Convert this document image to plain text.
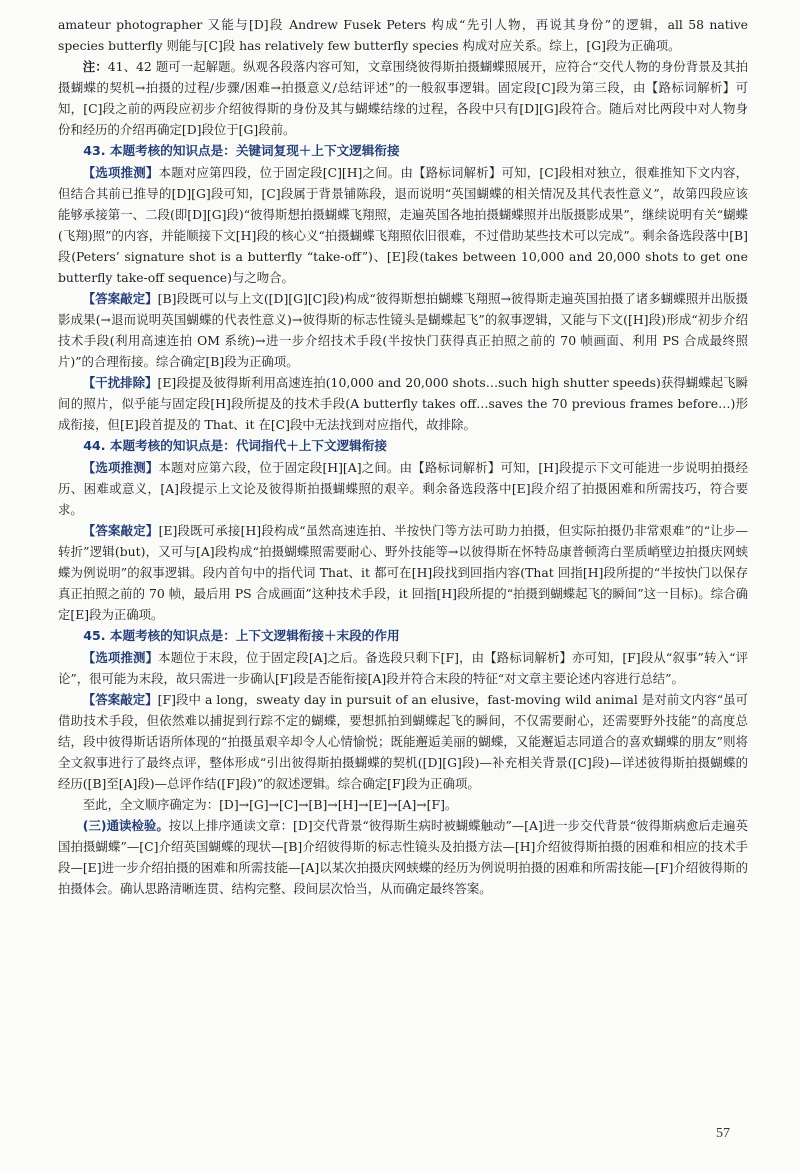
amateur photographer 又能与[D]段 Andrew Fusek Peters 构成“先引人物，再说其身份”的逻辑，all 58 native species butterfly 则能与[C]段 has relatively few butterfly species 构成对应关系。综上，[G]段为正确项。

注：41、42 题可一起解题。纵观各段落内容可知，文章围绕彼得斯拍摄蝴蝶照展开，应符合“交代人物的身份背景及其拍摄蝴蝶的契机→拍摄的过程/步骤/困难→拍摄意义/总结评述”的一般叙事逻辑。固定段[C]段为第三段，由【路标词解析】可知，[C]段之前的两段应初步介绍彼得斯的身份及其与蝴蝶结缘的过程，各段中只有[D][G]段符合。随后对比两段中对人物身份和经历的介绍再确定[D]段位于[G]段前。

43. 本题考核的知识点是：关键词复现＋上下文逻辑衔接

【选项推测】本题对应第四段，位于固定段[C][H]之间。由【路标词解析】可知，[C]段相对独立，很难推知下文内容，但结合其前已推导的[D][G]段可知，[C]段属于背景铺陈段，退而说明“英国蝴蝶的相关情况及其代表性意义”，故第四段应该能够承接第一、二段(即[D][G]段)“彼得斯想拍摄蝴蝶飞翔照，走遍英国各地拍摄蝴蝶照并出版摄影成果”，继续说明有关“蝴蝶(飞翔)照”的内容，并能顺接下文[H]段的核心义“拍摄蝴蝶飞翔照依旧很难，不过借助某些技术可以完成”。剩余备选段落中[B]段(Peters’ signature shot is a butterfly “take-off”)、[E]段(takes between 10,000 and 20,000 shots to get one butterfly take-off sequence)与之吻合。

【答案敲定】[B]段既可以与上文([D][G][C]段)构成“彼得斯想拍蝴蝶飞翔照→彼得斯走遍英国拍摄了诸多蝴蝶照并出版摄影成果(→退而说明英国蝴蝶的代表性意义)→彼得斯的标志性镜头是蝴蝶起飞”的叙事逻辑，又能与下文([H]段)形成“初步介绍技术手段(利用高速连拍 OM 系统)→进一步介绍技术手段(半按快门获得真正拍照之前的 70 帧画面、利用 PS 合成最终照片)”的合理衔接。综合确定[B]段为正确项。

【干扰排除】[E]段提及彼得斯利用高速连拍(10,000 and 20,000 shots…such high shutter speeds)获得蝴蝶起飞瞬间的照片，似乎能与固定段[H]段所提及的技术手段(A butterfly takes off…saves the 70 previous frames before…)形成衔接，但[E]段首提及的 That、it 在[C]段中无法找到对应指代，故排除。

44. 本题考核的知识点是：代词指代＋上下文逻辑衔接

【选项推测】本题对应第六段，位于固定段[H][A]之间。由【路标词解析】可知，[H]段提示下文可能进一步说明拍摄经历、困难或意义，[A]段提示上文论及彼得斯拍摄蝴蝶照的艰辛。剩余备选段落中[E]段介绍了拍摄困难和所需技巧，符合要求。

【答案敲定】[E]段既可承接[H]段构成“虽然高速连拍、半按快门等方法可助力拍摄，但实际拍摄仍非常艰难”的“让步—转折”逻辑(but)，又可与[A]段构成“拍摄蝴蝶照需要耐心、野外技能等→以彼得斯在怀特岛康普顿湾白垩质峭壁边拍摄庆网蛱蝶为例说明”的叙事逻辑。段内首句中的指代词 That、it 都可在[H]段找到回指内容(That 回指[H]段所提的“半按快门以保存真正拍照之前的 70 帧，最后用 PS 合成画面”这种技术手段，it 回指[H]段所提的“拍摄到蝴蝶起飞的瞬间”这一目标)。综合确定[E]段为正确项。

45. 本题考核的知识点是：上下文逻辑衔接＋末段的作用

【选项推测】本题位于末段，位于固定段[A]之后。备选段只剩下[F]，由【路标词解析】亦可知，[F]段从“叙事”转入“评论”，很可能为末段，故只需进一步确认[F]段是否能衔接[A]段并符合末段的特征“对文章主要论述内容进行总结”。

【答案敲定】[F]段中 a long，sweaty day in pursuit of an elusive，fast-moving wild animal 是对前文内容“虽可借助技术手段，但依然难以捕捉到行踪不定的蝴蝶，要想抓拍到蝴蝶起飞的瞬间，不仅需要耐心，还需要野外技能”的高度总结，段中彼得斯话语所体现的“拍摄虽艰辛却令人心情愉悦；既能邂逅美丽的蝴蝶，又能邂逅志同道合的喜欢蝴蝶的朋友”则将全文叙事进行了最终点评，整体形成“引出彼得斯拍摄蝴蝶的契机([D][G]段)—补充相关背景([C]段)—详述彼得斯拍摄蝴蝶的经历([B]至[A]段)—总评作结([F]段)”的叙述逻辑。综合确定[F]段为正确项。

至此，全文顺序确定为：[D]→[G]→[C]→[B]→[H]→[E]→[A]→[F]。

(三)通读检验。按以上排序通读文章：[D]交代背景“彼得斯生病时被蝴蝶触动”—[A]进一步交代背景“彼得斯病愈后走遍英国拍摄蝴蝶”—[C]介绍英国蝴蝶的现状—[B]介绍彼得斯的标志性镜头及拍摄方法—[H]介绍彼得斯拍摄的困难和相应的技术手段—[E]进一步介绍拍摄的困难和所需技能—[A]以某次拍摄庆网蛱蝶的经历为例说明拍摄的困难和所需技能—[F]介绍彼得斯的拍摄体会。确认思路清晰连贯、结构完整、段间层次恰当，从而确定最终答案。

57
